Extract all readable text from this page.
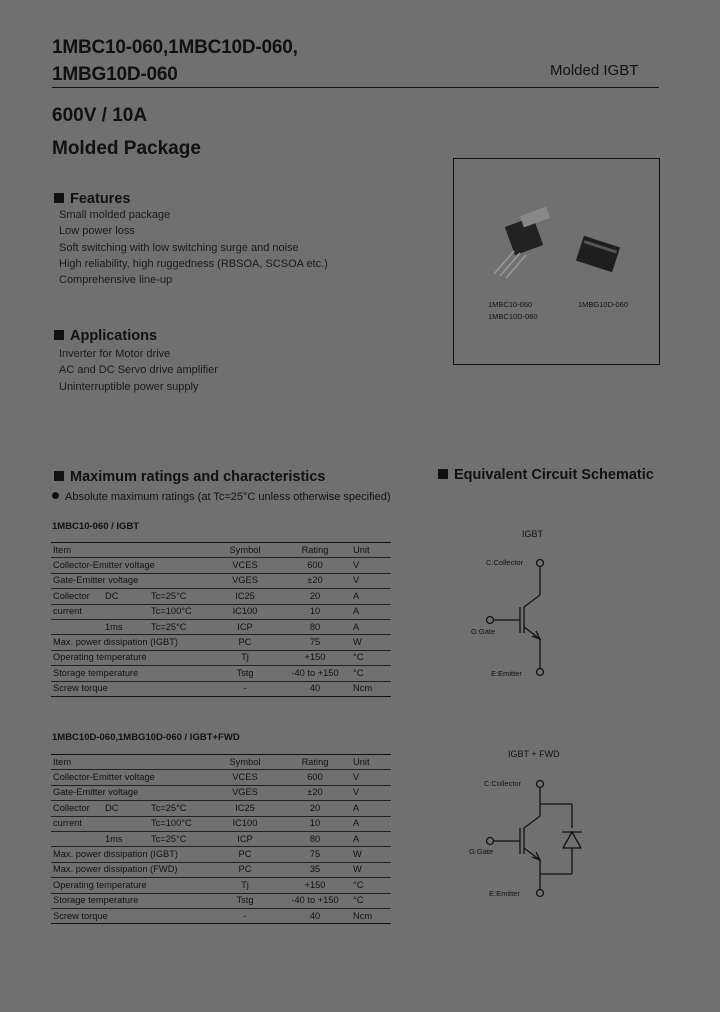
1MBC10-060,1MBC10D-060,
1MBG10D-060	Molded IGBT
600V / 10A
Molded Package
Features
Small molded package
Low power loss
Soft switching with low switching surge and noise
High reliability, high ruggedness (RBSOA, SCSOA etc.)
Comprehensive line-up
Applications
Inverter for Motor drive
AC and DC Servo drive amplifier
Uninterruptible power supply
1MBC10-060
1MBC10D-060
1MBG10D-060
Maximum ratings and characteristics
Absolute maximum ratings (at Tc=25°C unless otherwise specified)
1MBC10-060 / IGBT
Item			Symbol	Rating	Unit
Collector-Emitter voltage			VCES	600	V
Gate-Emitter voltage			VGES	±20	V
Collector	DC	Tc=25°C	IC25	20	A
current		Tc=100°C	IC100	10	A
	1ms	Tc=25°C	ICP	80	A
Max. power dissipation (IGBT)			PC	75	W
Operating temperature			Tj	+150	°C
Storage temperature			Tstg	-40 to +150	°C
Screw torque			-	40	Ncm
1MBC10D-060,1MBG10D-060 / IGBT+FWD
Item			Symbol	Rating	Unit
Collector-Emitter voltage			VCES	600	V
Gate-Emitter voltage			VGES	±20	V
Collector	DC	Tc=25°C	IC25	20	A
current		Tc=100°C	IC100	10	A
	1ms	Tc=25°C	ICP	80	A
Max. power dissipation (IGBT)			PC	75	W
Max. power dissipation (FWD)			PC	35	W
Operating temperature			Tj	+150	°C
Storage temperature			Tstg	-40 to +150	°C
Screw torque			-	40	Ncm
Equivalent Circuit Schematic
IGBT
C:Collector
G:Gate
E:Emitter
IGBT + FWD
C:Collector
G:Gate
E:Emitter
